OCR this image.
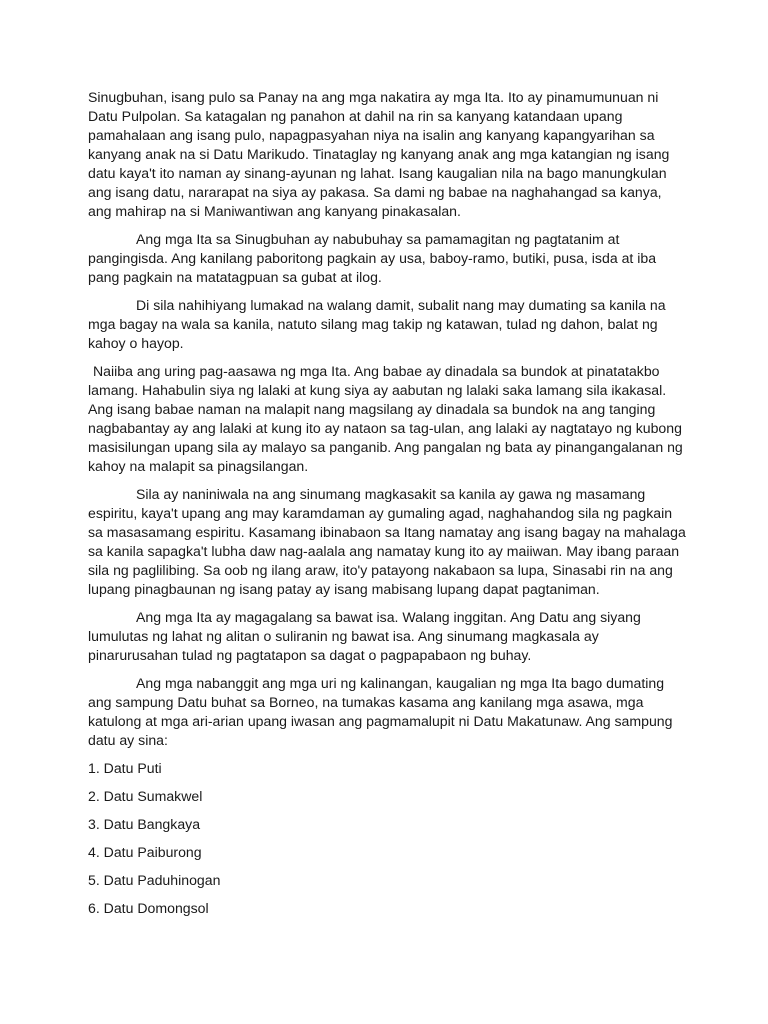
Sinugbuhan, isang pulo sa Panay na ang mga nakatira ay mga Ita. Ito ay pinamumunuan ni Datu Pulpolan. Sa katagalan ng panahon at dahil na rin sa kanyang katandaan upang pamahalaan ang isang pulo, napagpasyahan niya na isalin ang kanyang kapangyarihan sa kanyang anak na si Datu Marikudo. Tinataglay ng kanyang anak ang mga katangian ng isang datu kaya't ito naman ay sinang-ayunan ng lahat. Isang kaugalian nila na bago manungkulan ang isang datu, nararapat na siya ay pakasa. Sa dami ng babae na naghahangad sa kanya, ang mahirap na si Maniwantiwan ang kanyang pinakasalan.

Ang mga Ita sa Sinugbuhan ay nabubuhay sa pamamagitan ng pagtatanim at pangingisda. Ang kanilang paboritong pagkain ay usa, baboy-ramo, butiki, pusa, isda at iba pang pagkain na matatagpuan sa gubat at ilog.

Di sila nahihiyang lumakad na walang damit, subalit nang may dumating sa kanila na mga bagay na wala sa kanila, natuto silang mag takip ng katawan, tulad ng dahon, balat ng kahoy o hayop.

Naiiba ang uring pag-aasawa ng mga Ita. Ang babae ay dinadala sa bundok at pinatatakbo lamang. Hahabulin siya ng lalaki at kung siya ay aabutan ng lalaki saka lamang sila ikakasal. Ang isang babae naman na malapit nang magsilang ay dinadala sa bundok na ang tanging nagbabantay ay ang lalaki at kung ito ay nataon sa tag-ulan, ang lalaki ay nagtatayo ng kubong masisilungan upang sila ay malayo sa panganib. Ang pangalan ng bata ay pinangangalanan ng kahoy na malapit sa pinagsilangan.

Sila ay naniniwala na ang sinumang magkasakit sa kanila ay gawa ng masamang espiritu, kaya't upang ang may karamdaman ay gumaling agad, naghahandog sila ng pagkain sa masasamang espiritu. Kasamang ibinabaon sa Itang namatay ang isang bagay na mahalaga sa kanila sapagka't lubha daw nag-aalala ang namatay kung ito ay maiiwan. May ibang paraan sila ng paglilibing. Sa oob ng ilang araw, ito'y patayong nakabaon sa lupa, Sinasabi rin na ang lupang pinagbaunan ng isang patay ay isang mabisang lupang dapat pagtaniman.

Ang mga Ita ay magagalang sa bawat isa. Walang inggitan. Ang Datu ang siyang lumulutas ng lahat ng alitan o suliranin ng bawat isa. Ang sinumang magkasala ay pinarurusahan tulad ng pagtatapon sa dagat o pagpapabaon ng buhay.

Ang mga nabanggit ang mga uri ng kalinangan, kaugalian ng mga Ita bago dumating ang sampung Datu buhat sa Borneo, na tumakas kasama ang kanilang mga asawa, mga katulong at mga ari-arian upang iwasan ang pagmamalupit ni Datu Makatunaw. Ang sampung datu ay sina:

1. Datu Puti

2. Datu Sumakwel

3. Datu Bangkaya

4. Datu Paiburong

5. Datu Paduhinogan

6. Datu Domongsol
